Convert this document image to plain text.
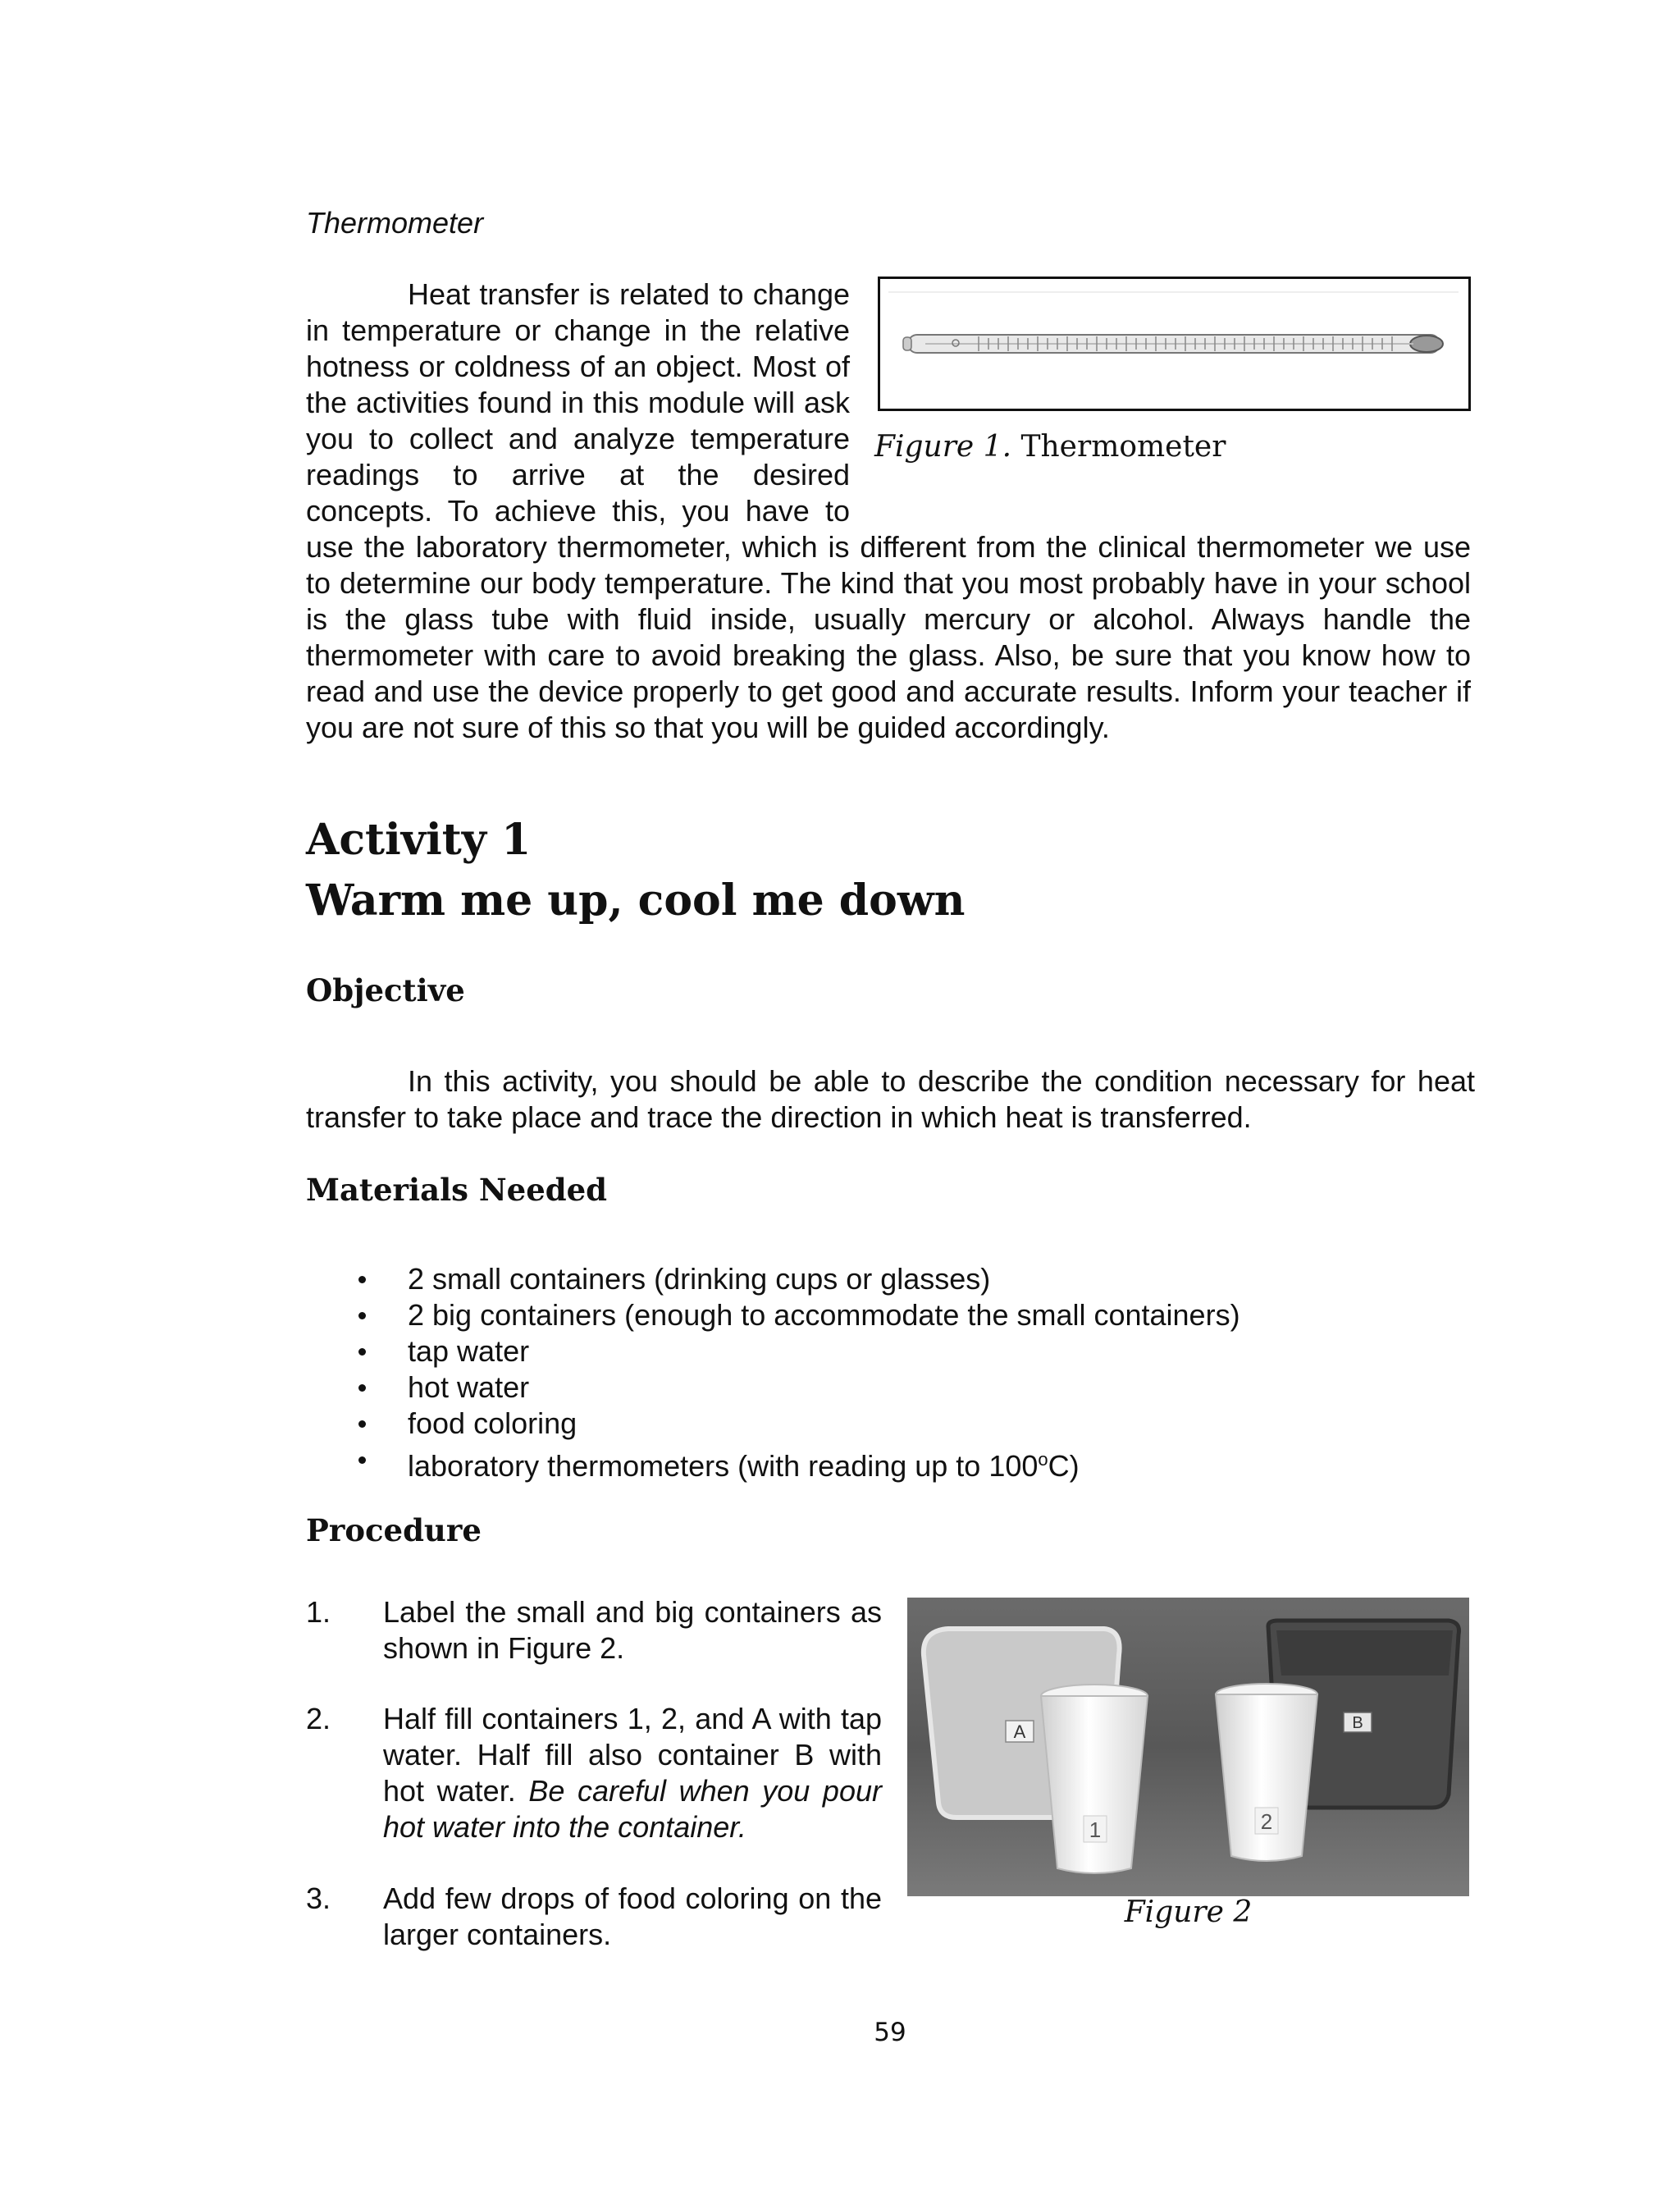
Thermometer
Figure 1. Thermometer

Heat transfer is related to change in temperature or change in the relative hotness or coldness of an object. Most of the activities found in this module will ask you to collect and analyze temperature readings to arrive at the desired concepts. To achieve this, you have to use the laboratory thermometer, which is different from the clinical thermometer we use to determine our body temperature. The kind that you most probably have in your school is the glass tube with fluid inside, usually mercury or alcohol. Always handle the thermometer with care to avoid breaking the glass. Also, be sure that you know how to read and use the device properly to get good and accurate results. Inform your teacher if you are not sure of this so that you will be guided accordingly.

Activity 1
Warm me up, cool me down
Objective

In this activity, you should be able to describe the condition necessary for heat transfer to take place and trace the direction in which heat is transferred.

Materials Needed
2 small containers (drinking cups or glasses)
2 big containers (enough to accommodate the small containers)
tap water
hot water
food coloring
laboratory thermometers (with reading up to 100$^o$C)
Procedure
1. Label the small and big containers as shown in Figure 2.
2. Half fill containers 1, 2, and A with tap water. Half fill also container B with hot water. Be careful when you pour hot water into the container.
3. Add few drops of food coloring on the larger containers.
A	B
1	2
Figure 2
59
